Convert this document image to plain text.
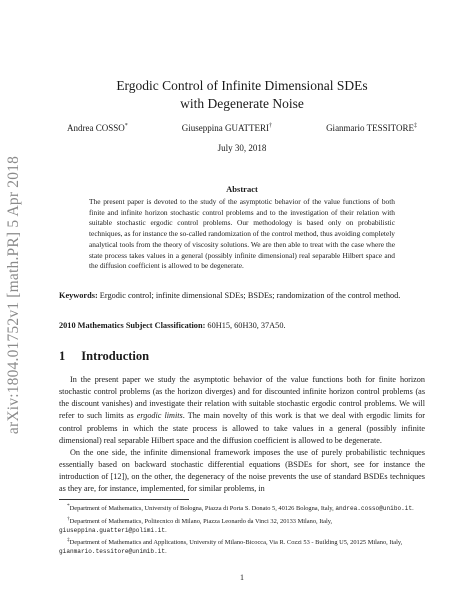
arXiv:1804.01752v1 [math.PR] 5 Apr 2018
Ergodic Control of Infinite Dimensional SDEs
with Degenerate Noise
Andrea COSSO*	Giuseppina GUATTERI†	Gianmario TESSITORE‡
July 30, 2018
Abstract
The present paper is devoted to the study of the asymptotic behavior of the value functions of both finite and infinite horizon stochastic control problems and to the investigation of their relation with suitable stochastic ergodic control problems. Our methodology is based only on probabilistic techniques, as for instance the so-called randomization of the control method, thus avoiding completely analytical tools from the theory of viscosity solutions. We are then able to treat with the case where the state process takes values in a general (possibly infinite dimensional) real separable Hilbert space and the diffusion coefficient is allowed to be degenerate.
Keywords: Ergodic control; infinite dimensional SDEs; BSDEs; randomization of the control method.
2010 Mathematics Subject Classification: 60H15, 60H30, 37A50.
1 Introduction

In the present paper we study the asymptotic behavior of the value functions both for finite horizon stochastic control problems (as the horizon diverges) and for discounted infinite horizon control problems (as the discount vanishes) and investigate their relation with suitable stochastic ergodic control problems. We will refer to such limits as ergodic limits. The main novelty of this work is that we deal with ergodic limits for control problems in which the state process is allowed to take values in a general (possibly infinite dimensional) real separable Hilbert space and the diffusion coefficient is allowed to be degenerate.

On the one side, the infinite dimensional framework imposes the use of purely probabilistic techniques essentially based on backward stochastic differential equations (BSDEs for short, see for instance the introduction of [12]), on the other, the degeneracy of the noise prevents the use of standard BSDEs techniques as they are, for instance, implemented, for similar problems, in

*Department of Mathematics, University of Bologna, Piazza di Porta S. Donato 5, 40126 Bologna, Italy, andrea.cosso@unibo.it.

†Department of Mathematics, Politecnico di Milano, Piazza Leonardo da Vinci 32, 20133 Milano, Italy, giuseppina.guatteri@polimi.it.

‡Department of Mathematics and Applications, University of Milano-Bicocca, Via R. Cozzi 53 - Building U5, 20125 Milano, Italy, gianmario.tessitore@unimib.it.

1
